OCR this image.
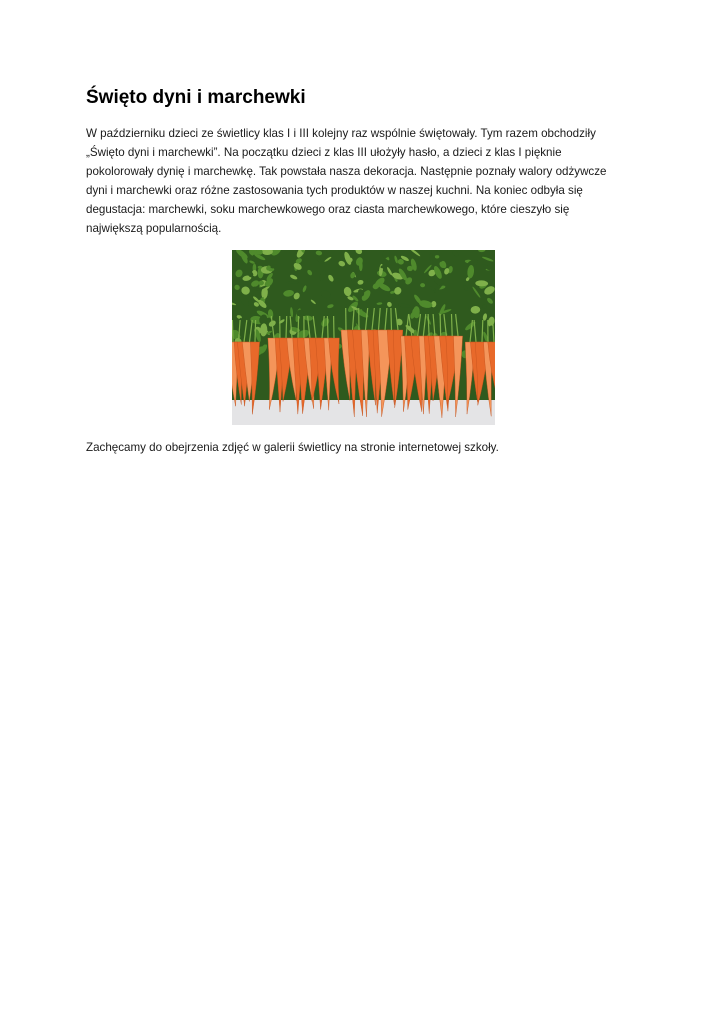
Święto dyni i marchewki

W październiku dzieci ze świetlicy klas I i III kolejny raz wspólnie świętowały. Tym razem obchodziły
„Święto dyni i marchewki”. Na początku dzieci z klas III ułożyły hasło, a dzieci z klas I pięknie
pokolorowały dynię i marchewkę. Tak powstała nasza dekoracja. Następnie poznały walory odżywcze
dyni i marchewki oraz różne zastosowania tych produktów w naszej kuchni. Na koniec odbyła się
degustacja: marchewki, soku marchewkowego oraz ciasta marchewkowego, które cieszyło się
największą popularnością.

Zachęcamy do obejrzenia zdjęć w galerii świetlicy na stronie internetowej szkoły.
